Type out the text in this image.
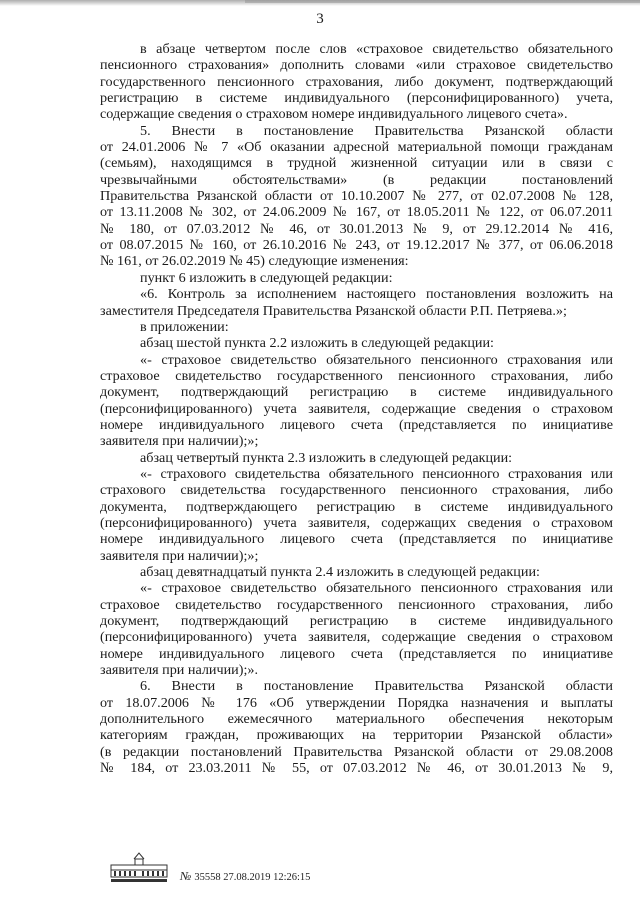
3

в абзаце четвертом после слов «страховое свидетельство обязательного

пенсионного страхования» дополнить словами «или страховое свидетельство

государственного пенсионного страхования, либо документ, подтверждающий

регистрацию в системе индивидуального (персонифицированного) учета,

содержащие сведения о страховом номере индивидуального лицевого счета».

5. Внести в постановление Правительства Рязанской области

от 24.01.2006 № 7 «Об оказании адресной материальной помощи гражданам

(семьям), находящимся в трудной жизненной ситуации или в связи с

чрезвычайными обстоятельствами» (в редакции постановлений

Правительства Рязанской области от 10.10.2007 № 277, от 02.07.2008 № 128,

от 13.11.2008 № 302, от 24.06.2009 № 167, от 18.05.2011 № 122, от 06.07.2011

№ 180, от 07.03.2012 № 46, от 30.01.2013 № 9, от 29.12.2014 № 416,

от 08.07.2015 № 160, от 26.10.2016 № 243, от 19.12.2017 № 377, от 06.06.2018

№ 161, от 26.02.2019 № 45) следующие изменения:

пункт 6 изложить в следующей редакции:

«6. Контроль за исполнением настоящего постановления возложить на

заместителя Председателя Правительства Рязанской области Р.П. Петряева.»;

в приложении:

абзац шестой пункта 2.2 изложить в следующей редакции:

«- страховое свидетельство обязательного пенсионного страхования или

страховое свидетельство государственного пенсионного страхования, либо

документ, подтверждающий регистрацию в системе индивидуального

(персонифицированного) учета заявителя, содержащие сведения о страховом

номере индивидуального лицевого счета (представляется по инициативе

заявителя при наличии);»;

абзац четвертый пункта 2.3 изложить в следующей редакции:

«- страхового свидетельства обязательного пенсионного страхования или

страхового свидетельства государственного пенсионного страхования, либо

документа, подтверждающего регистрацию в системе индивидуального

(персонифицированного) учета заявителя, содержащих сведения о страховом

номере индивидуального лицевого счета (представляется по инициативе

заявителя при наличии);»;

абзац девятнадцатый пункта 2.4 изложить в следующей редакции:

«- страховое свидетельство обязательного пенсионного страхования или

страховое свидетельство государственного пенсионного страхования, либо

документ, подтверждающий регистрацию в системе индивидуального

(персонифицированного) учета заявителя, содержащие сведения о страховом

номере индивидуального лицевого счета (представляется по инициативе

заявителя при наличии);».

6. Внести в постановление Правительства Рязанской области

от 18.07.2006 № 176 «Об утверждении Порядка назначения и выплаты

дополнительного ежемесячного материального обеспечения некоторым

категориям граждан, проживающих на территории Рязанской области»

(в редакции постановлений Правительства Рязанской области от 29.08.2008

№ 184, от 23.03.2011 № 55, от 07.03.2012 № 46, от 30.01.2013 № 9,

№ 35558 27.08.2019 12:26:15
